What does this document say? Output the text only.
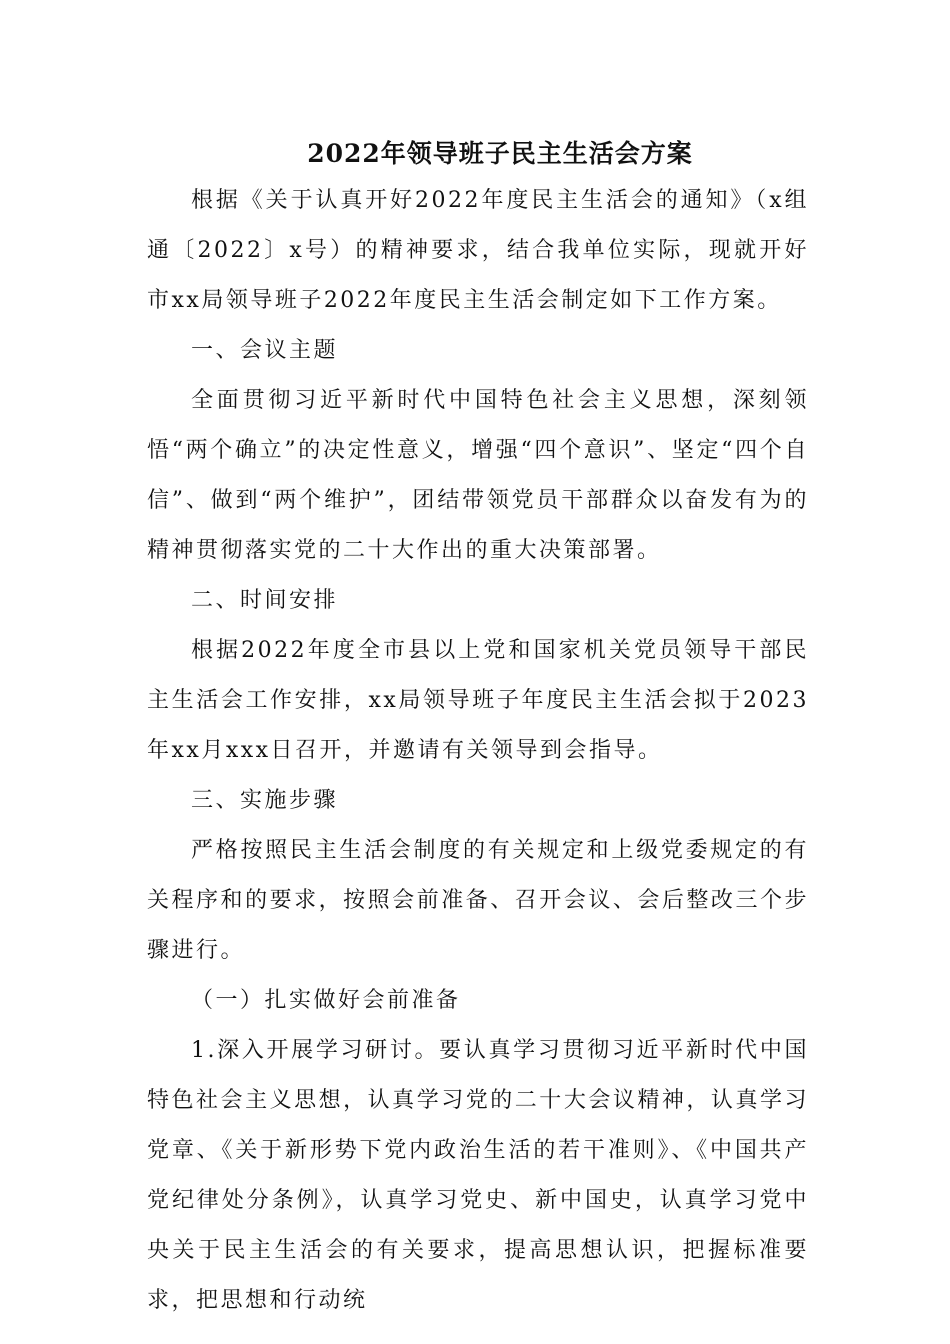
2022年领导班子民主生活会方案

根据《关于认真开好2022年度民主生活会的通知》（x组通〔2022〕x号）的精神要求，结合我单位实际，现就开好市xx局领导班子2022年度民主生活会制定如下工作方案。

一、会议主题

全面贯彻习近平新时代中国特色社会主义思想，深刻领悟“两个确立”的决定性意义，增强“四个意识”、坚定“四个自信”、做到“两个维护”，团结带领党员干部群众以奋发有为的精神贯彻落实党的二十大作出的重大决策部署。

二、时间安排

根据2022年度全市县以上党和国家机关党员领导干部民主生活会工作安排，xx局领导班子年度民主生活会拟于2023年xx月xxx日召开，并邀请有关领导到会指导。

三、实施步骤

严格按照民主生活会制度的有关规定和上级党委规定的有关程序和的要求，按照会前准备、召开会议、会后整改三个步骤进行。

（一）扎实做好会前准备

1.深入开展学习研讨。要认真学习贯彻习近平新时代中国特色社会主义思想，认真学习党的二十大会议精神，认真学习党章、《关于新形势下党内政治生活的若干准则》、《中国共产党纪律处分条例》，认真学习党史、新中国史，认真学习党中央关于民主生活会的有关要求，提高思想认识，把握标准要求，把思想和行动统
